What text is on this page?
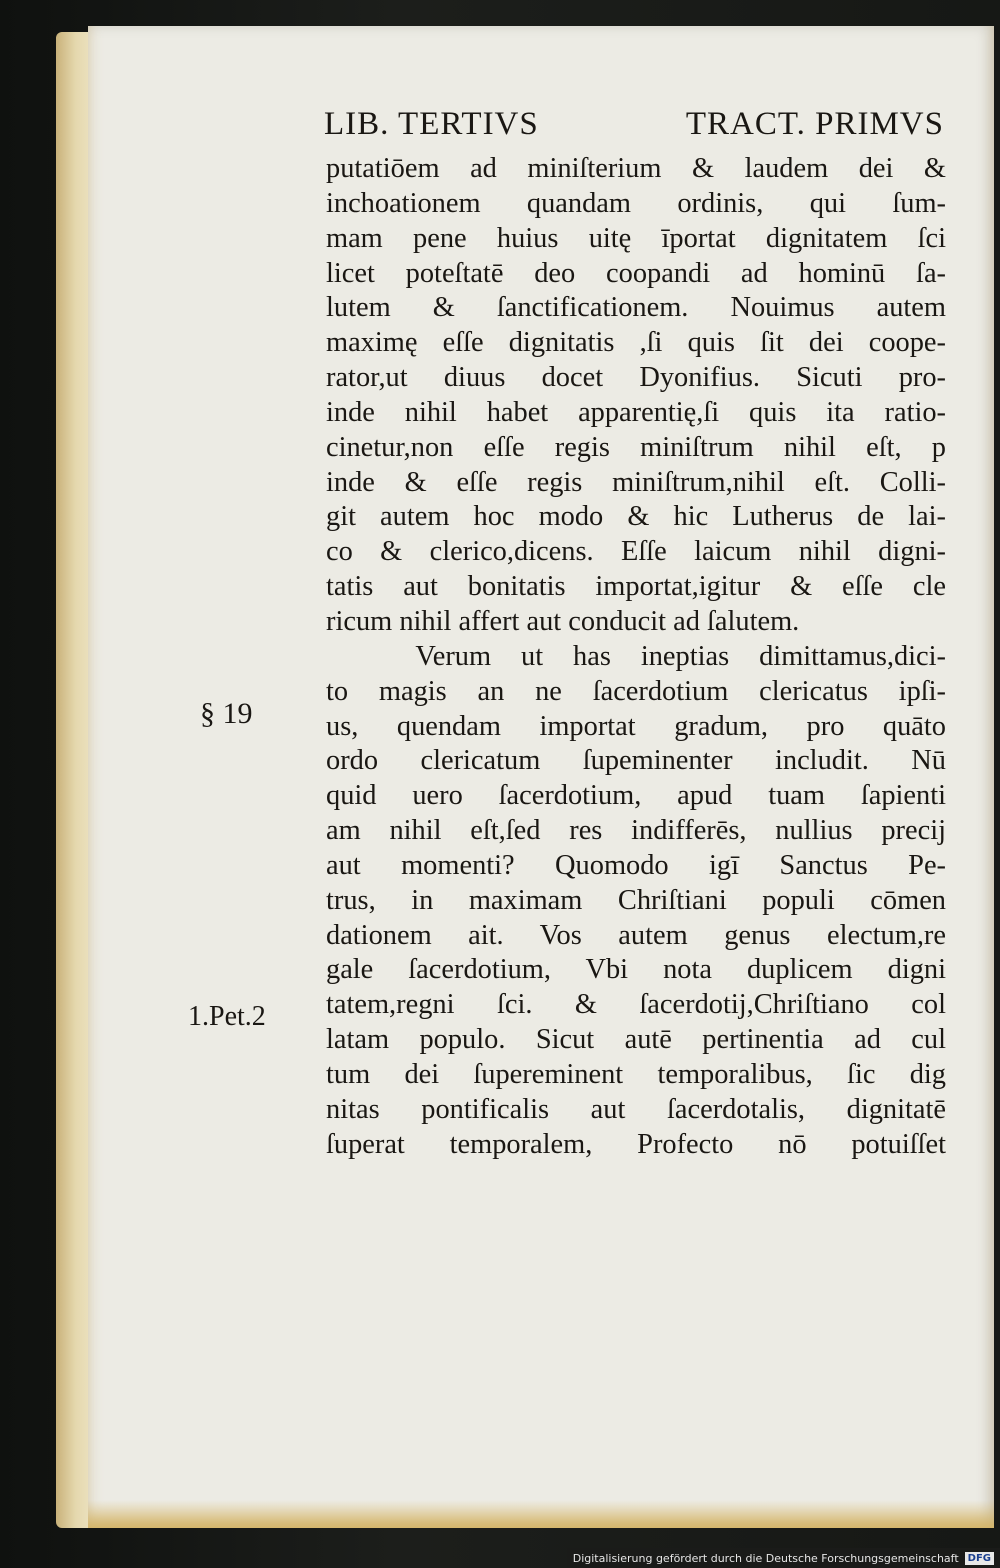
LIB. TERTIVS	TRACT. PRIMVS
putatiōem ad miniſterium & laudem dei &
inchoationem quandam ordinis, qui ſum-
mam pene huius uitę īportat dignitatem ſci
licet poteſtatē deo coopandi ad hominū ſa-
lutem & ſanctificationem. Nouimus autem
maximę eſſe dignitatis ,ſi quis ſit dei coope-
rator,ut diuus docet Dyonifius. Sicuti pro-
inde nihil habet apparentię,ſi quis ita ratio-
cinetur,non eſſe regis miniſtrum nihil eſt, p
inde & eſſe regis miniſtrum,nihil eſt. Colli-
git autem hoc modo & hic Lutherus de lai-
co & clerico,dicens. Eſſe laicum nihil digni-
tatis aut bonitatis importat,igitur & eſſe cle
ricum nihil affert aut conducit ad ſalutem.
Verum ut has ineptias dimittamus,dici-
to magis an ne ſacerdotium clericatus ipſi-
us, quendam importat gradum, pro quāto
ordo clericatum ſupeminenter includit. Nū
quid uero ſacerdotium, apud tuam ſapienti
am nihil eſt,ſed res indifferēs, nullius precij
aut momenti? Quomodo igī Sanctus Pe-
trus, in maximam Chriſtiani populi cōmen
dationem ait. Vos autem genus electum,re
gale ſacerdotium, Vbi nota duplicem digni
tatem,regni ſci. & ſacerdotij,Chriſtiano col
latam populo. Sicut autē pertinentia ad cul
tum dei ſupereminent temporalibus, ſic dig
nitas pontificalis aut ſacerdotalis, dignitatē
ſuperat temporalem, Profecto nō potuiſſet
§ 19
1.Pet.2
Digitalisierung gefördert durch die Deutsche Forschungsgemeinschaft DFG
